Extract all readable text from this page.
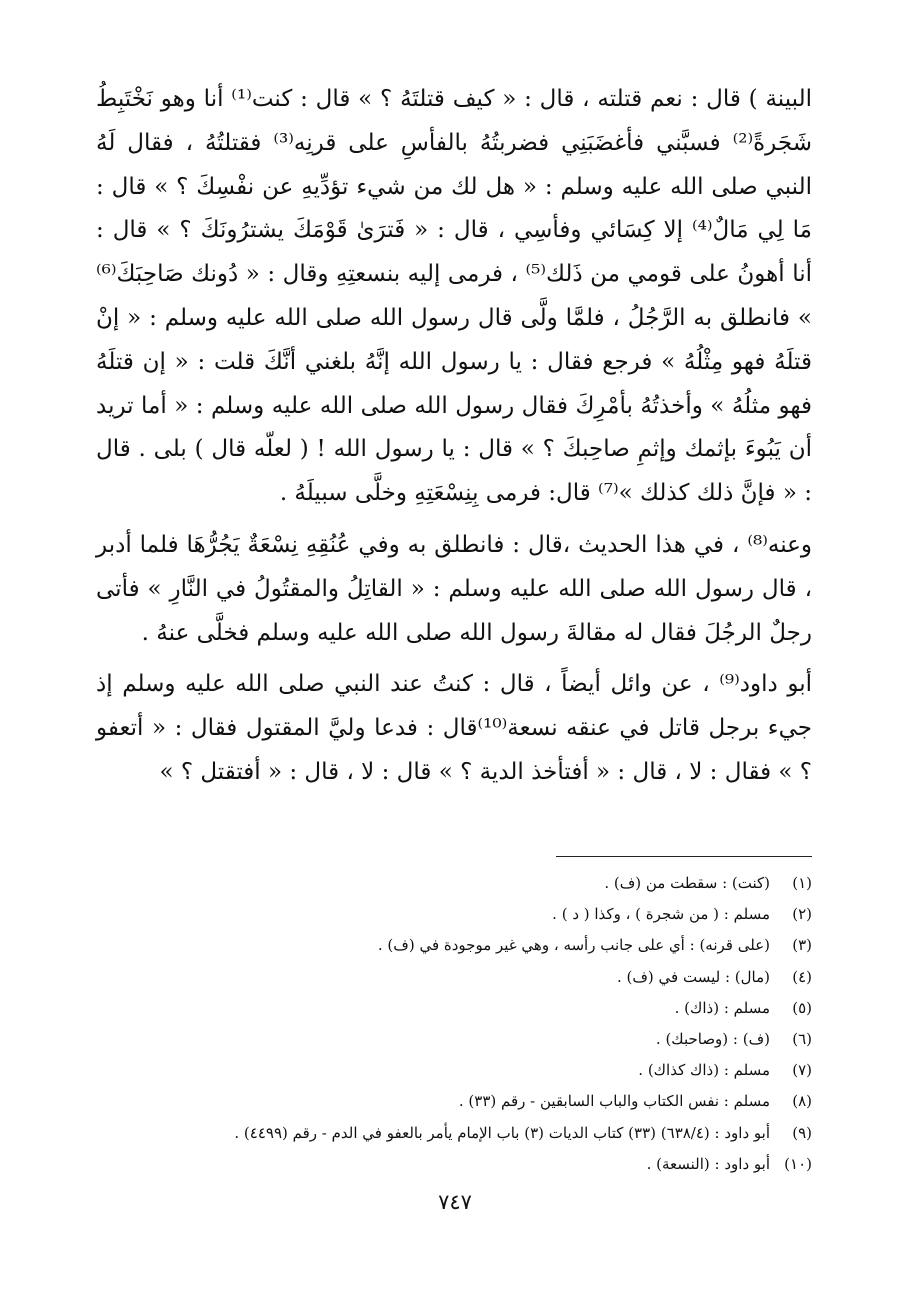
البينة ) قال : نعم قتلته ، قال : « كيف قتلتَهُ ؟ » قال : كنت⁽¹⁾ أنا وهو نَخْتَبِطُ شَجَرةً⁽²⁾ فسبَّني فأغضَبَنِي فضربتُهُ بالفأسِ على قرنِه⁽³⁾ فقتلتُهُ ، فقال لَهُ النبي صلى الله عليه وسلم : « هل لك من شيء تؤدِّيهِ عن نفْسِكَ ؟ » قال : مَا لِي مَالٌ⁽⁴⁾ إلا كِسَائي وفأسِي ، قال : « فَترَىٰ قَوْمَكَ يشترُونَكَ ؟ » قال : أنا أهونُ على قومي من ذَلك⁽⁵⁾ ، فرمى إليه بنسعتِهِ وقال : « دُونك صَاحِبَكَ⁽⁶⁾ » فانطلق به الرَّجُلُ ، فلمَّا ولَّى قال رسول الله صلى الله عليه وسلم : « إنْ قتلَهُ فهو مِثْلُهُ » فرجع فقال : يا رسول الله إنَّهُ بلغني أنَّكَ قلت : « إن قتلَهُ فهو مثلُهُ » وأخذتُهُ بأمْرِكَ فقال رسول الله صلى الله عليه وسلم : « أما تريد أن يَبُوءَ بإثمك وإثمِ صاحِبكَ ؟ » قال : يا رسول الله ! ( لعلّه قال ) بلى . قال : « فإنَّ ذلك كذلك »⁽⁷⁾ قال: فرمى بِنِسْعَتِهِ وخلَّى سبيلَهُ .

وعنه⁽⁸⁾ ، في هذا الحديث ،قال : فانطلق به وفي عُنُقِهِ نِسْعَةٌ يَجُرُّهَا فلما أدبر ، قال رسول الله صلى الله عليه وسلم : « القاتِلُ والمقتُولُ في النَّارِ » فأتى رجلٌ الرجُلَ فقال له مقالةَ رسول الله صلى الله عليه وسلم فخلَّى عنهُ .

أبو داود⁽⁹⁾ ، عن وائل أيضاً ، قال : كنتُ عند النبي صلى الله عليه وسلم إذ جيء برجل قاتل في عنقه نسعة⁽¹⁰⁾قال : فدعا وليَّ المقتول فقال : « أتعفو ؟ » فقال : لا ، قال : « أفتأخذ الدية ؟ » قال : لا ، قال : « أفتقتل ؟ »

(١)
(كنت) : سقطت من (ف) .
(٢)
مسلم : ( من شجرة ) ، وكذا ( د ) .
(٣)
(على قرنه) : أي على جانب رأسه ، وهي غير موجودة في (ف) .
(٤)
(مال) : ليست في (ف) .
(٥)
مسلم : (ذاك) .
(٦)
(ف) : (وصاحبك) .
(٧)
مسلم : (ذاك كذاك) .
(٨)
مسلم : نفس الكتاب والباب السابقين - رقم (٣٣) .
(٩)
أبو داود : (٦٣٨/٤) (٣٣) كتاب الديات (٣) باب الإمام يأمر بالعفو في الدم - رقم (٤٤٩٩) .
(١٠)
أبو داود : (النسعة) .
٧٤٧
